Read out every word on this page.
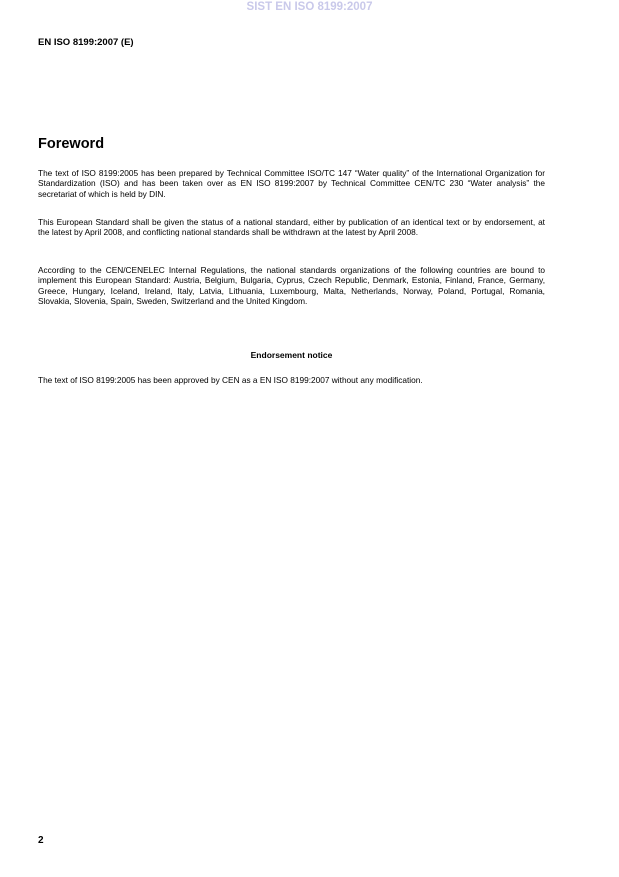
SIST EN ISO 8199:2007
EN ISO 8199:2007 (E)
Foreword

The text of ISO 8199:2005 has been prepared by Technical Committee ISO/TC 147 “Water quality” of the International Organization for Standardization (ISO) and has been taken over as EN ISO 8199:2007 by Technical Committee CEN/TC 230 “Water analysis” the secretariat of which is held by DIN.

This European Standard shall be given the status of a national standard, either by publication of an identical text or by endorsement, at the latest by April 2008, and conflicting national standards shall be withdrawn at the latest by April 2008.

According to the CEN/CENELEC Internal Regulations, the national standards organizations of the following countries are bound to implement this European Standard: Austria, Belgium, Bulgaria, Cyprus, Czech Republic, Denmark, Estonia, Finland, France, Germany, Greece, Hungary, Iceland, Ireland, Italy, Latvia, Lithuania, Luxembourg, Malta, Netherlands, Norway, Poland, Portugal, Romania, Slovakia, Slovenia, Spain, Sweden, Switzerland and the United Kingdom.

Endorsement notice

The text of ISO 8199:2005 has been approved by CEN as a EN ISO 8199:2007 without any modification.

2
